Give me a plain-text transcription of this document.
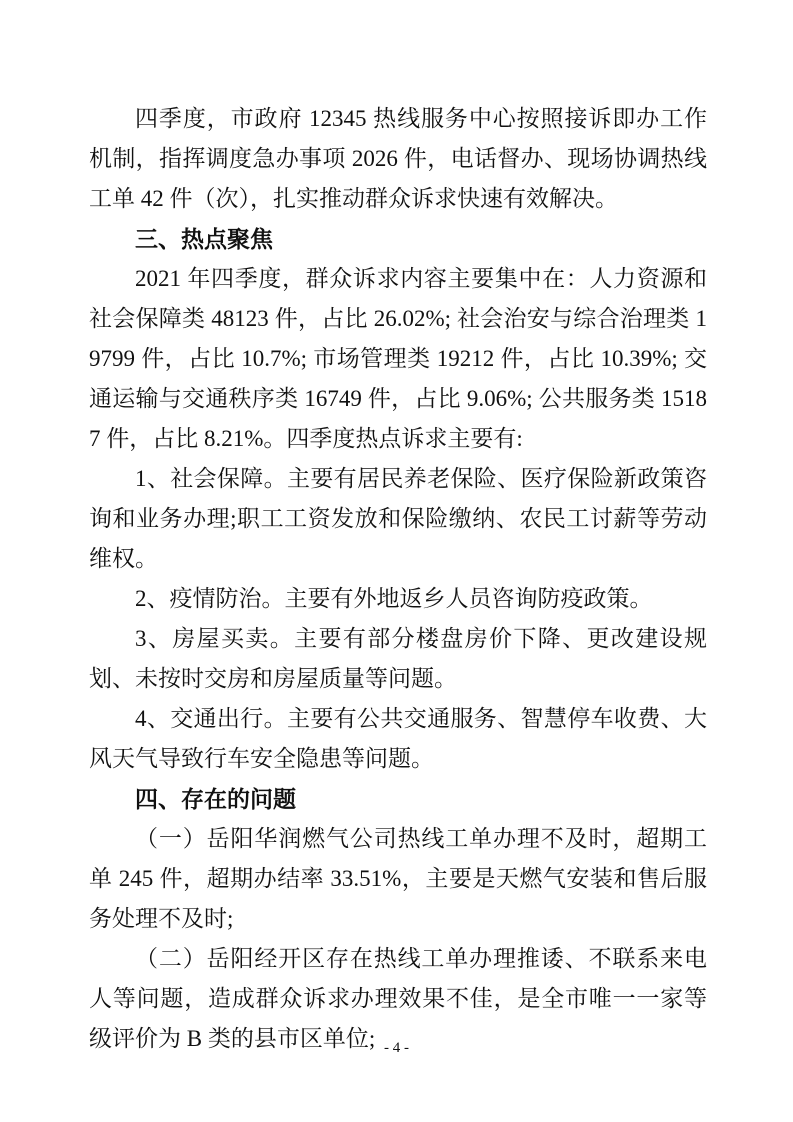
四季度，市政府 12345 热线服务中心按照接诉即办工作机制，指挥调度急办事项 2026 件，电话督办、现场协调热线工单 42 件（次），扎实推动群众诉求快速有效解决。

三、热点聚焦

2021 年四季度，群众诉求内容主要集中在：人力资源和社会保障类 48123 件，占比 26.02%; 社会治安与综合治理类 19799 件，占比 10.7%; 市场管理类 19212 件，占比 10.39%; 交通运输与交通秩序类 16749 件，占比 9.06%; 公共服务类 15187 件，占比 8.21%。四季度热点诉求主要有:

1、社会保障。主要有居民养老保险、医疗保险新政策咨询和业务办理;职工工资发放和保险缴纳、农民工讨薪等劳动维权。

2、疫情防治。主要有外地返乡人员咨询防疫政策。

3、房屋买卖。主要有部分楼盘房价下降、更改建设规划、未按时交房和房屋质量等问题。

4、交通出行。主要有公共交通服务、智慧停车收费、大风天气导致行车安全隐患等问题。

四、存在的问题

（一）岳阳华润燃气公司热线工单办理不及时，超期工单 245 件，超期办结率 33.51%，主要是天燃气安装和售后服务处理不及时;

（二）岳阳经开区存在热线工单办理推诿、不联系来电人等问题，造成群众诉求办理效果不佳，是全市唯一一家等级评价为 B 类的县市区单位; - 4 -
